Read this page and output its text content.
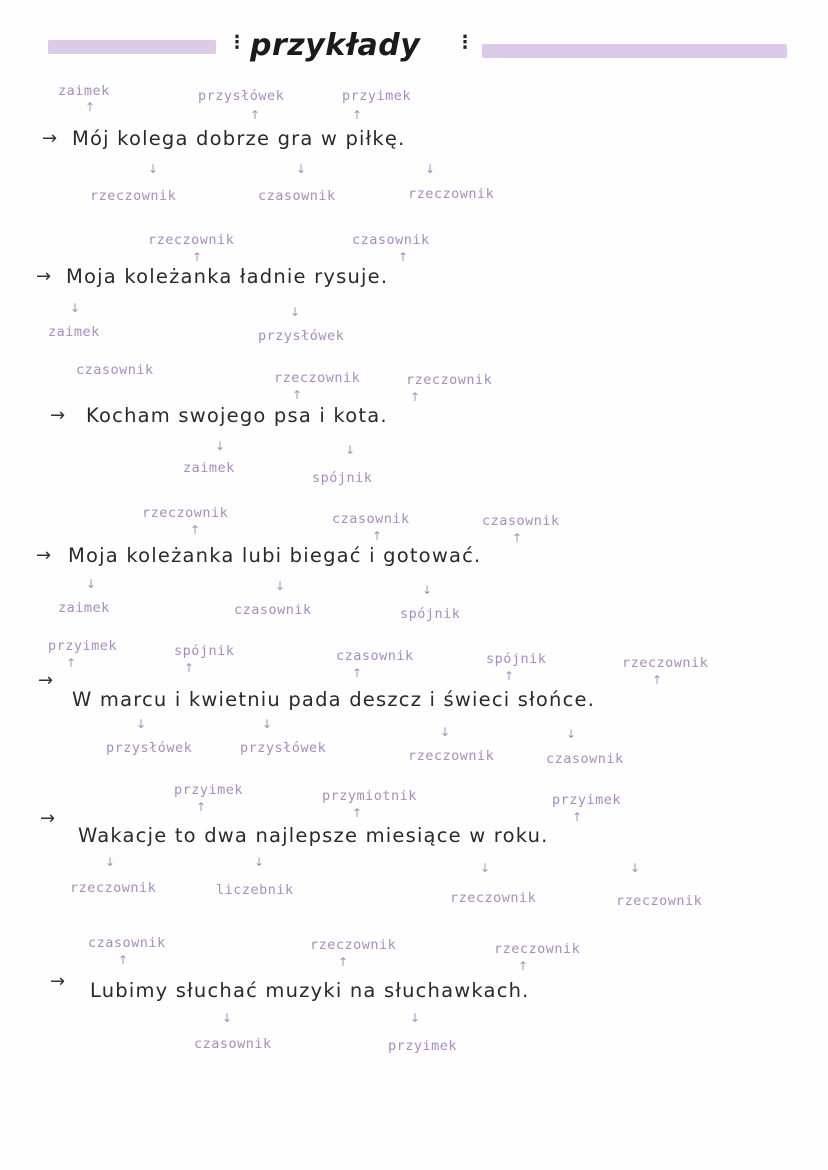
⋮	⋮
przykłady
zaimek
↑
przysłówek
↑
przyimek
↑
→ Mój kolega dobrze gra w piłkę.
↓	↓	↓
rzeczownik	czasownik	rzeczownik
rzeczownik
↑
czasownik
↑
→ Moja koleżanka ładnie rysuje.
↓	↓
zaimek	przysłówek
czasownik	rzeczownik
↑
rzeczownik
↑
→ Kocham swojego psa i kota.
↓	↓
zaimek
spójnik
rzeczownik
↑
czasownik
↑
czasownik
↑
→ Moja koleżanka lubi biegać i gotować.
↓	↓	↓
zaimek	czasownik	spójnik
przyimek
↑
spójnik
↑
czasownik
↑
spójnik
↑
rzeczownik
↑
→
W marcu i kwietniu pada deszcz i świeci słońce.
↓	↓
↓	↓
przysłówek	przysłówek	rzeczownik	czasownik
przyimek
↑
przymiotnik
↑
przyimek
↑
→
Wakacje to dwa najlepsze miesiące w roku.
↓	↓	↓	↓
rzeczownik	liczebnik	rzeczownik	rzeczownik
czasownik
↑
rzeczownik
↑
rzeczownik
↑
→ Lubimy słuchać muzyki na słuchawkach.
↓	↓
czasownik	przyimek
